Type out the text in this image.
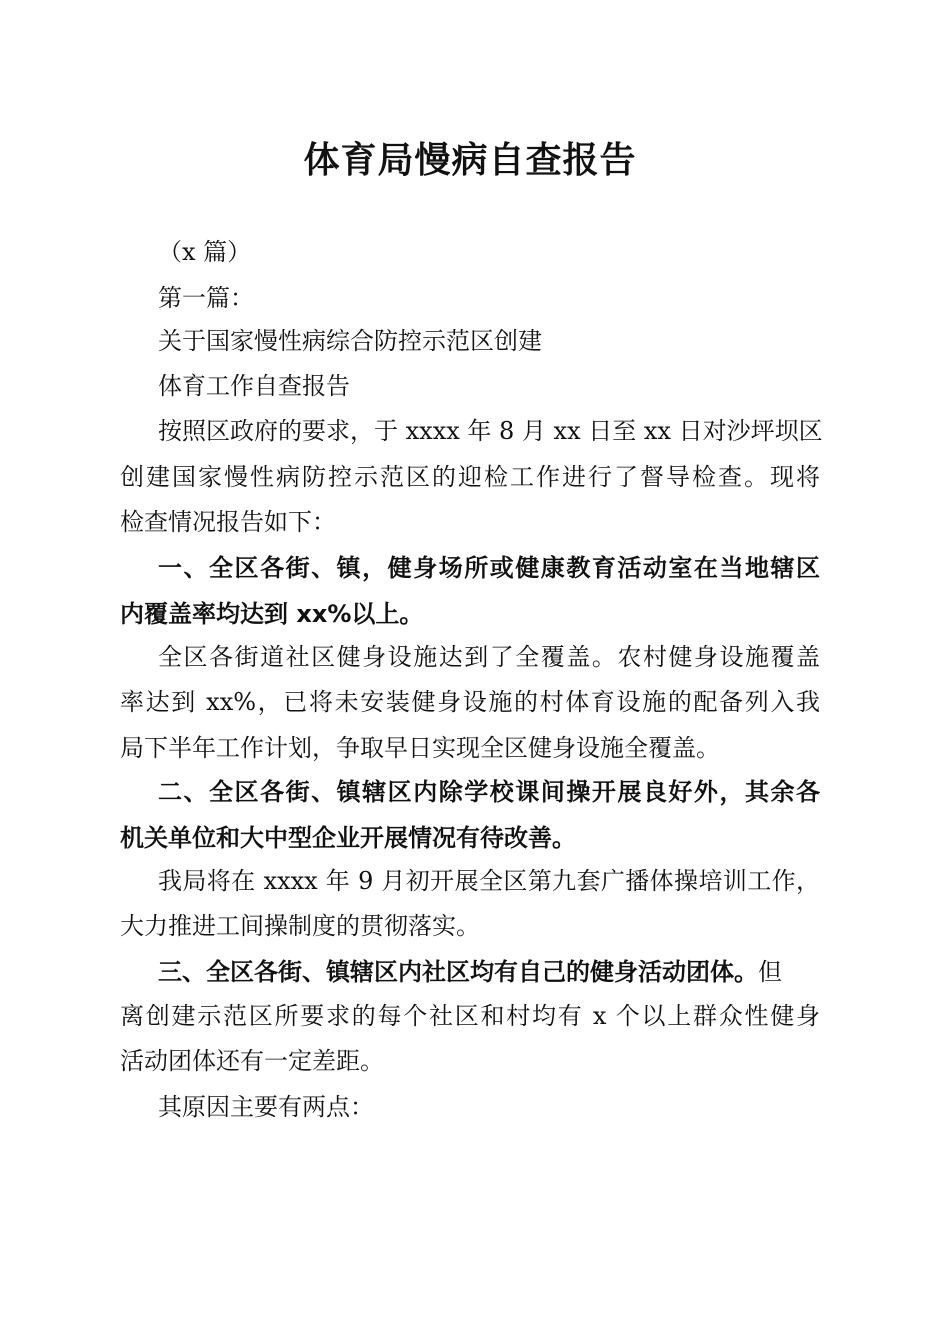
体育局慢病自查报告
（x 篇）
第一篇：
关于国家慢性病综合防控示范区创建
体育工作自查报告
按照区政府的要求，于 xxxx 年 8 月 xx 日至 xx 日对沙坪坝区
创建国家慢性病防控示范区的迎检工作进行了督导检查。现将
检查情况报告如下：
一、全区各街、镇，健身场所或健康教育活动室在当地辖区
内覆盖率均达到 xx%以上。
全区各街道社区健身设施达到了全覆盖。农村健身设施覆盖
率达到 xx%，已将未安装健身设施的村体育设施的配备列入我
局下半年工作计划，争取早日实现全区健身设施全覆盖。
二、全区各街、镇辖区内除学校课间操开展良好外，其余各
机关单位和大中型企业开展情况有待改善。
我局将在 xxxx 年 9 月初开展全区第九套广播体操培训工作，
大力推进工间操制度的贯彻落实。
三、全区各街、镇辖区内社区均有自己的健身活动团体。但
离创建示范区所要求的每个社区和村均有 x 个以上群众性健身
活动团体还有一定差距。
其原因主要有两点：
